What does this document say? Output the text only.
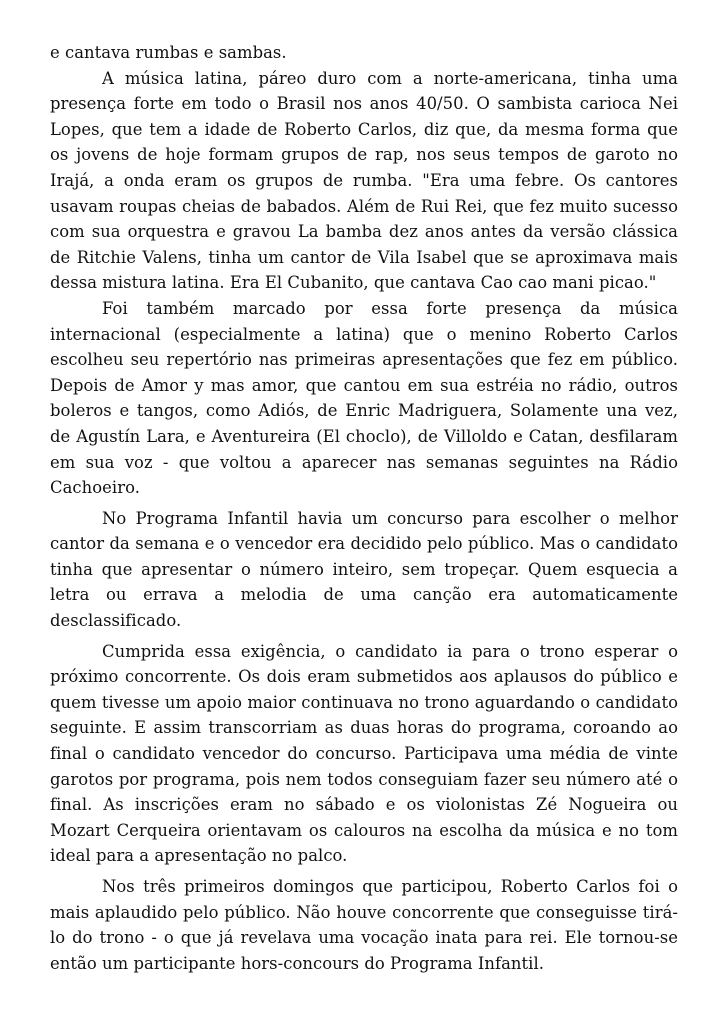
e cantava rumbas e sambas.

A música latina, páreo duro com a norte-americana, tinha uma presença forte em todo o Brasil nos anos 40/50. O sambista carioca Nei Lopes, que tem a idade de Roberto Carlos, diz que, da mesma forma que os jovens de hoje formam grupos de rap, nos seus tempos de garoto no Irajá, a onda eram os grupos de rumba. "Era uma febre. Os cantores usavam roupas cheias de babados. Além de Rui Rei, que fez muito sucesso com sua orquestra e gravou La bamba dez anos antes da versão clássica de Ritchie Valens, tinha um cantor de Vila Isabel que se aproximava mais dessa mistura latina. Era El Cubanito, que cantava Cao cao mani picao."

Foi também marcado por essa forte presença da música internacional (especialmente a latina) que o menino Roberto Carlos escolheu seu repertório nas primeiras apresentações que fez em público. Depois de Amor y mas amor, que cantou em sua estréia no rádio, outros boleros e tangos, como Adiós, de Enric Madriguera, Solamente una vez, de Agustín Lara, e Aventureira (El choclo), de Villoldo e Catan, desfilaram em sua voz - que voltou a aparecer nas semanas seguintes na Rádio Cachoeiro.

No Programa Infantil havia um concurso para escolher o melhor cantor da semana e o vencedor era decidido pelo público. Mas o candidato tinha que apresentar o número inteiro, sem tropeçar. Quem esquecia a letra ou errava a melodia de uma canção era automaticamente desclassificado.

Cumprida essa exigência, o candidato ia para o trono esperar o próximo concorrente. Os dois eram submetidos aos aplausos do público e quem tivesse um apoio maior continuava no trono aguardando o candidato seguinte. E assim transcorriam as duas horas do programa, coroando ao final o candidato vencedor do concurso. Participava uma média de vinte garotos por programa, pois nem todos conseguiam fazer seu número até o final. As inscrições eram no sábado e os violonistas Zé Nogueira ou Mozart Cerqueira orientavam os calouros na escolha da música e no tom ideal para a apresentação no palco.

Nos três primeiros domingos que participou, Roberto Carlos foi o mais aplaudido pelo público. Não houve concorrente que conseguisse tirá-lo do trono - o que já revelava uma vocação inata para rei. Ele tornou-se então um participante hors-concours do Programa Infantil.
